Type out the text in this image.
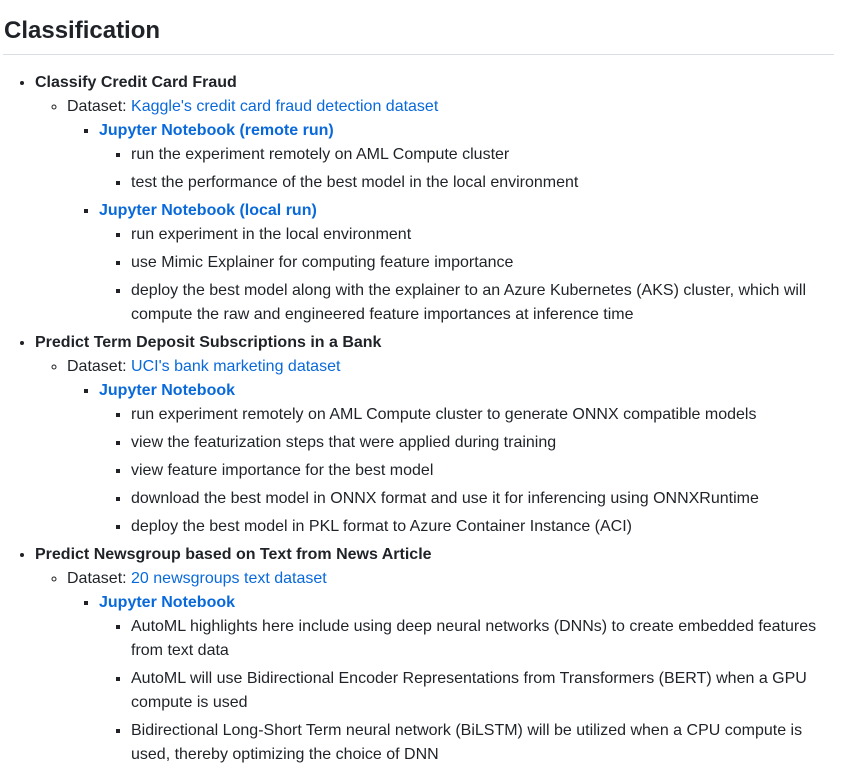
Classification
• Classify Credit Card Fraud
◦ Dataset: Kaggle's credit card fraud detection dataset
▪ Jupyter Notebook (remote run)
▪ run the experiment remotely on AML Compute cluster
▪ test the performance of the best model in the local environment
▪ Jupyter Notebook (local run)
▪ run experiment in the local environment
▪ use Mimic Explainer for computing feature importance
▪ deploy the best model along with the explainer to an Azure Kubernetes (AKS) cluster, which will compute the raw and engineered feature importances at inference time
• Predict Term Deposit Subscriptions in a Bank
◦ Dataset: UCI's bank marketing dataset
▪ Jupyter Notebook
▪ run experiment remotely on AML Compute cluster to generate ONNX compatible models
▪ view the featurization steps that were applied during training
▪ view feature importance for the best model
▪ download the best model in ONNX format and use it for inferencing using ONNXRuntime
▪ deploy the best model in PKL format to Azure Container Instance (ACI)
• Predict Newsgroup based on Text from News Article
◦ Dataset: 20 newsgroups text dataset
▪ Jupyter Notebook
▪ AutoML highlights here include using deep neural networks (DNNs) to create embedded features from text data
▪ AutoML will use Bidirectional Encoder Representations from Transformers (BERT) when a GPU compute is used
▪ Bidirectional Long-Short Term neural network (BiLSTM) will be utilized when a CPU compute is used, thereby optimizing the choice of DNN
